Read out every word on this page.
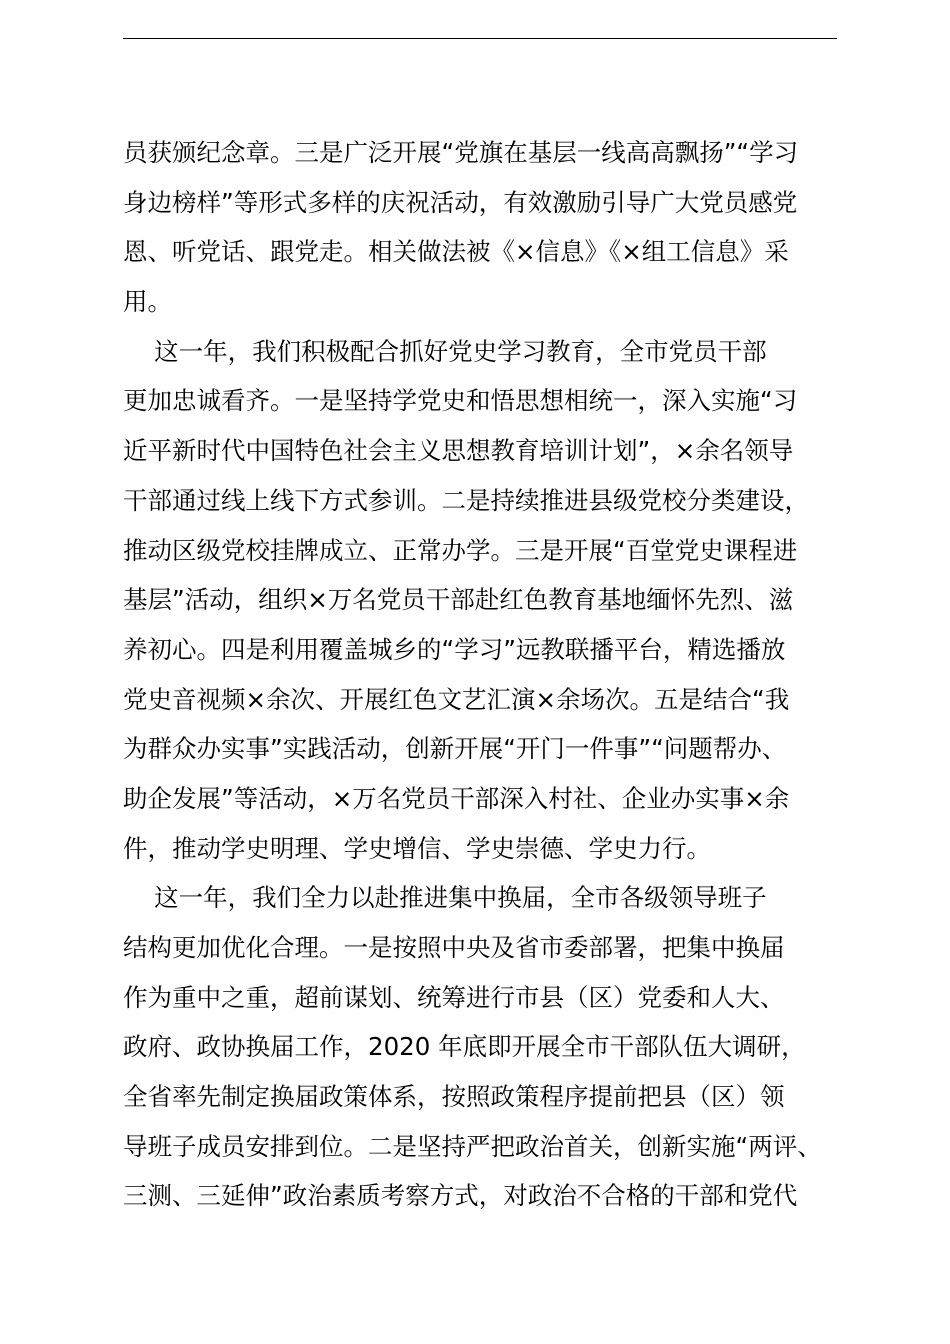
员获颁纪念章。三是广泛开展“党旗在基层一线高高飘扬”“学习
身边榜样”等形式多样的庆祝活动，有效激励引导广大党员感党
恩、听党话、跟党走。相关做法被《×信息》《×组工信息》采
用。
这一年，我们积极配合抓好党史学习教育，全市党员干部
更加忠诚看齐。一是坚持学党史和悟思想相统一，深入实施“习
近平新时代中国特色社会主义思想教育培训计划”，×余名领导
干部通过线上线下方式参训。二是持续推进县级党校分类建设，
推动区级党校挂牌成立、正常办学。三是开展“百堂党史课程进
基层”活动，组织×万名党员干部赴红色教育基地缅怀先烈、滋
养初心。四是利用覆盖城乡的“学习”远教联播平台，精选播放
党史音视频×余次、开展红色文艺汇演×余场次。五是结合“我
为群众办实事”实践活动，创新开展“开门一件事”“问题帮办、
助企发展”等活动，×万名党员干部深入村社、企业办实事×余
件，推动学史明理、学史增信、学史崇德、学史力行。
这一年，我们全力以赴推进集中换届，全市各级领导班子
结构更加优化合理。一是按照中央及省市委部署，把集中换届
作为重中之重，超前谋划、统筹进行市县（区）党委和人大、
政府、政协换届工作，2020 年底即开展全市干部队伍大调研，
全省率先制定换届政策体系，按照政策程序提前把县（区）领
导班子成员安排到位。二是坚持严把政治首关，创新实施“两评、
三测、三延伸”政治素质考察方式，对政治不合格的干部和党代
